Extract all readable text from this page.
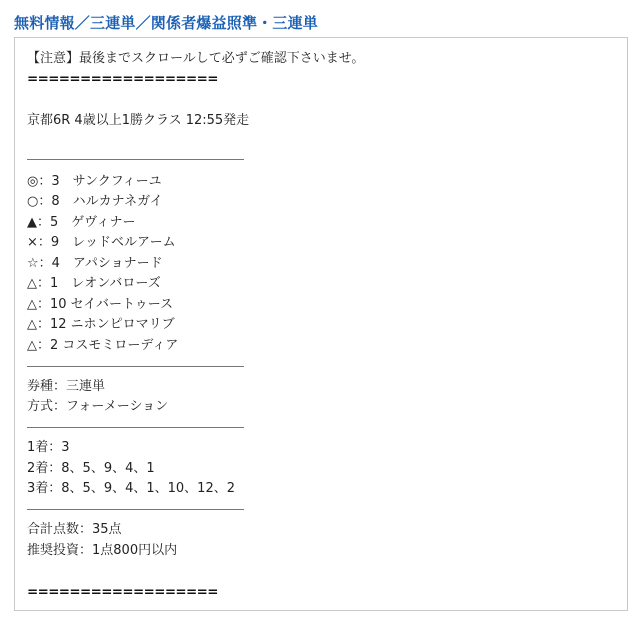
無料情報／三連単／関係者爆益照準・三連単
【注意】最後までスクロールして必ずご確認下さいませ。
==================
京都6R 4歳以上1勝クラス 12:55発走
◎：3　サンクフィーユ
○：8　ハルカナネガイ
▲：5　ゲヴィナー
×：9　レッドベルアーム
☆：4　アパショナード
△：1　レオンバローズ
△：10 セイバートゥース
△：12 ニホンピロマリブ
△：2 コスモミローディア
券種：三連単
方式：フォーメーション
1着：3
2着：8、5、9、4、1
3着：8、5、9、4、1、10、12、2
合計点数：35点
推奨投資：1点800円以内
==================
